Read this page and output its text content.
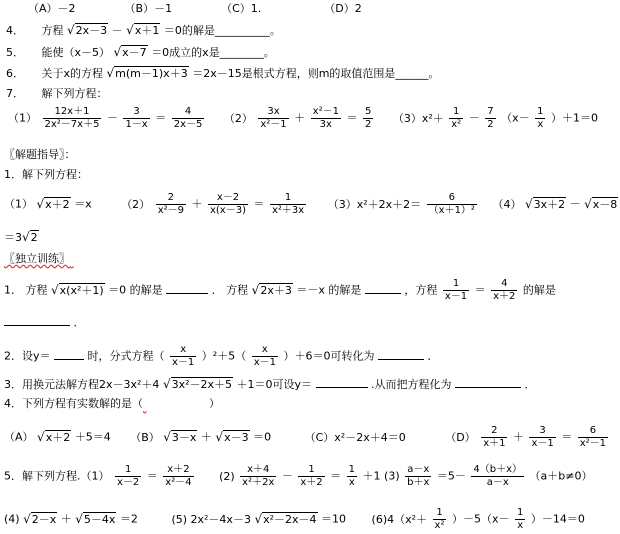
（A）－2	（B）－1	（C）1.	（D）2
4． 方程 √2x－3 － √x＋1 ＝0的解是__________。
5． 能使（x－5） √x－7 ＝0成立的x是________。
6． 关于x的方程 √m(m－1)x＋3 ＝2x－15是根式方程，则m的取值范围是______。
7． 解下列方程：
$(1) \frac{12x+1}{\text{2x²－7x＋5}} - \frac{3}{1-x} = \frac{4}{2x-5} (2) \frac{3x}{\text{x²－1}} + \frac{\text{x²－1}}{3x} = \frac{5}{2} (3)x^2+ \frac{1}{\text{x²}} - \frac{7}{2} (x- \frac{1}{x} )+1=0$
〖解题指导〗：
1．解下列方程：
（1） √x＋2 ＝x	$(2) \frac{2}{\text{x²－9}} + \frac{x-2}{x(x-3)} = \frac{1}{\text{x²＋3x}} (3)x^2+2x+2= \frac{6}{\text{（x＋1）²}} (4) √3x+2 - √x-8$
＝3√2
〖独立训练〗
1． 方程 √x(x²＋1) ＝0 的解是	． 方程 √2x＋3 ＝－x 的解是	，方程 $\frac{1}{x-1} = \frac{4}{x+2}$ 的解是
．
2．设y＝	时，分式方程（ $\frac{x}{x-1} )^2+5( \frac{x}{x-1} )+6=0$可转化为	．
3．用换元法解方程2x－3x²＋4 √3x²－2x＋5 ＋1＝0可设y＝	.从而把方程化为	．
4．下列方程有实数解的是（	）
（A） √x＋2 ＋5＝4 （B） √3－x ＋ √x－3 ＝0	（C）x²－2x＋4＝0	$(D) \frac{2}{x+1} + \frac{3}{x-1} = \frac{6}{\text{x²－1}}$
5．解下列方程$.(1) \frac{1}{x-2} = \frac{x+2}{\text{x²－4}} (2) \frac{x+4}{\text{x²＋2x}} - \frac{1}{x+2} = \frac{1}{x} +1$ $(3) \frac{a-x}{b+x} =5- \frac{4(b+x)}{a-x} (a+b\ne 0)$
(4) √2－x ＋ √5－4x ＝2	(5) 2x²－4x－3 √x²－2x－4 ＝10 $(6)4(x^2+ \frac{1}{\text{x²}} )-5(x- \frac{1}{x} )-14=0$
